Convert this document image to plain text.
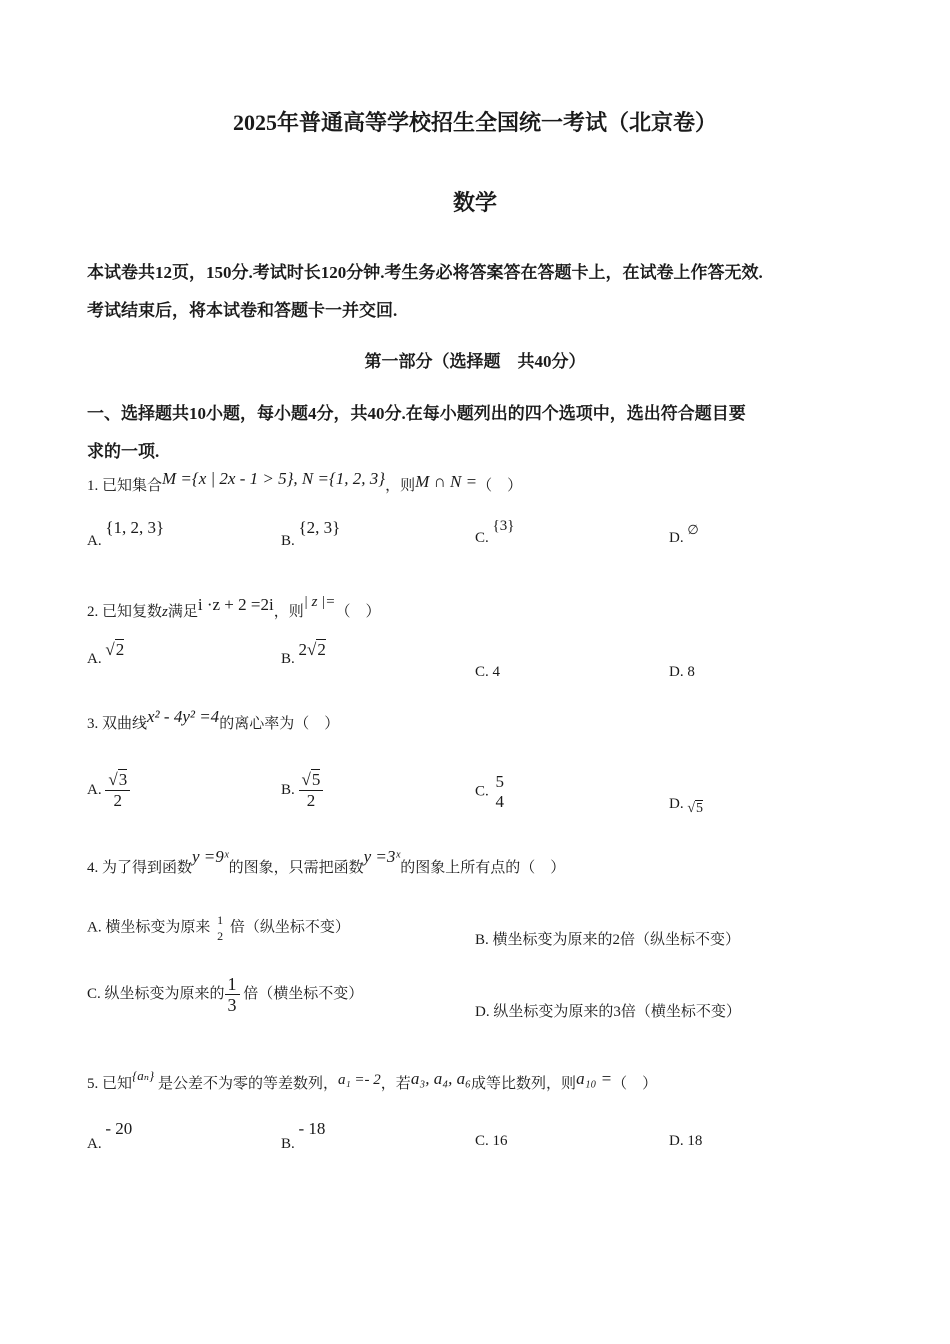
2025年普通高等学校招生全国统一考试（北京卷）
数学
本试卷共12页，150分.考试时长120分钟.考生务必将答案答在答题卡上，在试卷上作答无效.
考试结束后，将本试卷和答题卡一并交回.
第一部分（选择题　共40分）
一、选择题共10小题，每小题4分，共40分.在每小题列出的四个选项中，选出符合题目要
求的一项.
1. 已知集合M ={x | 2x - 1 > 5}, N ={1, 2, 3}，则M ∩ N =（　）
A. {1, 2, 3}
B. {2, 3}
C. {3}
D. ∅
2. 已知复数z满足i ·z + 2 =2i，则| z |=（　）
A. √2	B. 2√2
C. 4	D. 8
3. 双曲线x² - 4y² =4的离心率为（　）
A. $\frac{√3}{2}$	B. $\frac{√5}{2}$	C.
5
4	D. √5
4. 为了得到函数y =9ˣ的图象，只需把函数y =3ˣ的图象上所有点的（　）
A. 横坐标变为原来 1
2
倍（纵坐标不变）
B. 横坐标变为原来的2倍（纵坐标不变）
C. 纵坐标变为原来的 $\frac{1}{3}$ 倍（横坐标不变）
D. 纵坐标变为原来的3倍（横坐标不变）
5. 已知{aₙ} 是公差不为零的等差数列，a₁ =- 2，若a₃, a₄, a₆成等比数列，则a₁₀ =（　）
A. - 20
B. - 18
C. 16	D. 18
